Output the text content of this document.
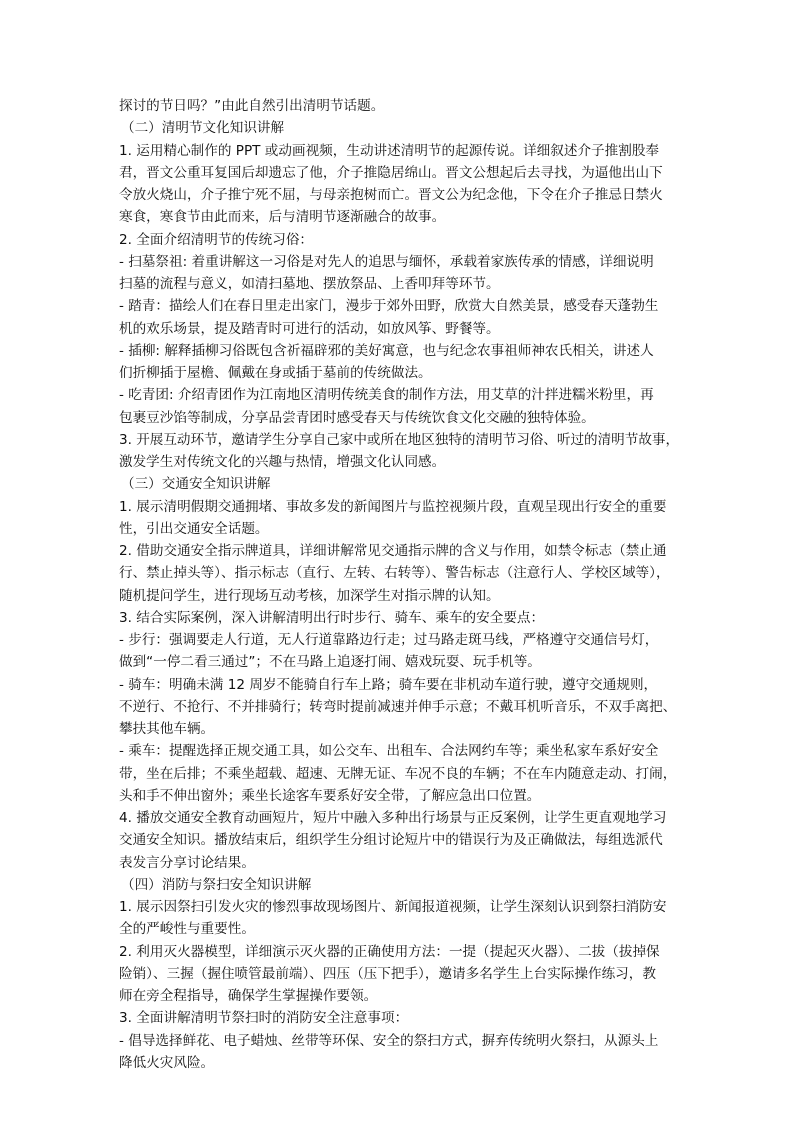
探讨的节日吗？”由此自然引出清明节话题。
（二）清明节文化知识讲解
1. 运用精心制作的 PPT 或动画视频，生动讲述清明节的起源传说。详细叙述介子推割股奉
君，晋文公重耳复国后却遗忘了他，介子推隐居绵山。晋文公想起后去寻找，为逼他出山下
令放火烧山，介子推宁死不屈，与母亲抱树而亡。晋文公为纪念他，下令在介子推忌日禁火
寒食，寒食节由此而来，后与清明节逐渐融合的故事。
2. 全面介绍清明节的传统习俗：
- 扫墓祭祖: 着重讲解这一习俗是对先人的追思与缅怀，承载着家族传承的情感，详细说明
扫墓的流程与意义，如清扫墓地、摆放祭品、上香叩拜等环节。
- 踏青：描绘人们在春日里走出家门，漫步于郊外田野，欣赏大自然美景，感受春天蓬勃生
机的欢乐场景，提及踏青时可进行的活动，如放风筝、野餐等。
- 插柳: 解释插柳习俗既包含祈福辟邪的美好寓意，也与纪念农事祖师神农氏相关，讲述人
们折柳插于屋檐、佩戴在身或插于墓前的传统做法。
- 吃青团: 介绍青团作为江南地区清明传统美食的制作方法，用艾草的汁拌进糯米粉里，再
包裹豆沙馅等制成，分享品尝青团时感受春天与传统饮食文化交融的独特体验。
3. 开展互动环节，邀请学生分享自己家中或所在地区独特的清明节习俗、听过的清明节故事，
激发学生对传统文化的兴趣与热情，增强文化认同感。
（三）交通安全知识讲解
1. 展示清明假期交通拥堵、事故多发的新闻图片与监控视频片段，直观呈现出行安全的重要
性，引出交通安全话题。
2. 借助交通安全指示牌道具，详细讲解常见交通指示牌的含义与作用，如禁令标志（禁止通
行、禁止掉头等）、指示标志（直行、左转、右转等）、警告标志（注意行人、学校区域等），
随机提问学生，进行现场互动考核，加深学生对指示牌的认知。
3. 结合实际案例，深入讲解清明出行时步行、骑车、乘车的安全要点：
- 步行：强调要走人行道，无人行道靠路边行走；过马路走斑马线，严格遵守交通信号灯，
做到“一停二看三通过”；不在马路上追逐打闹、嬉戏玩耍、玩手机等。
- 骑车：明确未满 12 周岁不能骑自行车上路；骑车要在非机动车道行驶，遵守交通规则，
不逆行、不抢行、不并排骑行；转弯时提前减速并伸手示意；不戴耳机听音乐，不双手离把、
攀扶其他车辆。
- 乘车：提醒选择正规交通工具，如公交车、出租车、合法网约车等；乘坐私家车系好安全
带，坐在后排；不乘坐超载、超速、无牌无证、车况不良的车辆；不在车内随意走动、打闹，
头和手不伸出窗外；乘坐长途客车要系好安全带，了解应急出口位置。
4. 播放交通安全教育动画短片，短片中融入多种出行场景与正反案例，让学生更直观地学习
交通安全知识。播放结束后，组织学生分组讨论短片中的错误行为及正确做法，每组选派代
表发言分享讨论结果。
（四）消防与祭扫安全知识讲解
1. 展示因祭扫引发火灾的惨烈事故现场图片、新闻报道视频，让学生深刻认识到祭扫消防安
全的严峻性与重要性。
2. 利用灭火器模型，详细演示灭火器的正确使用方法：一提（提起灭火器）、二拔（拔掉保
险销）、三握（握住喷管最前端）、四压（压下把手），邀请多名学生上台实际操作练习，教
师在旁全程指导，确保学生掌握操作要领。
3. 全面讲解清明节祭扫时的消防安全注意事项：
- 倡导选择鲜花、电子蜡烛、丝带等环保、安全的祭扫方式，摒弃传统明火祭扫，从源头上
降低火灾风险。
